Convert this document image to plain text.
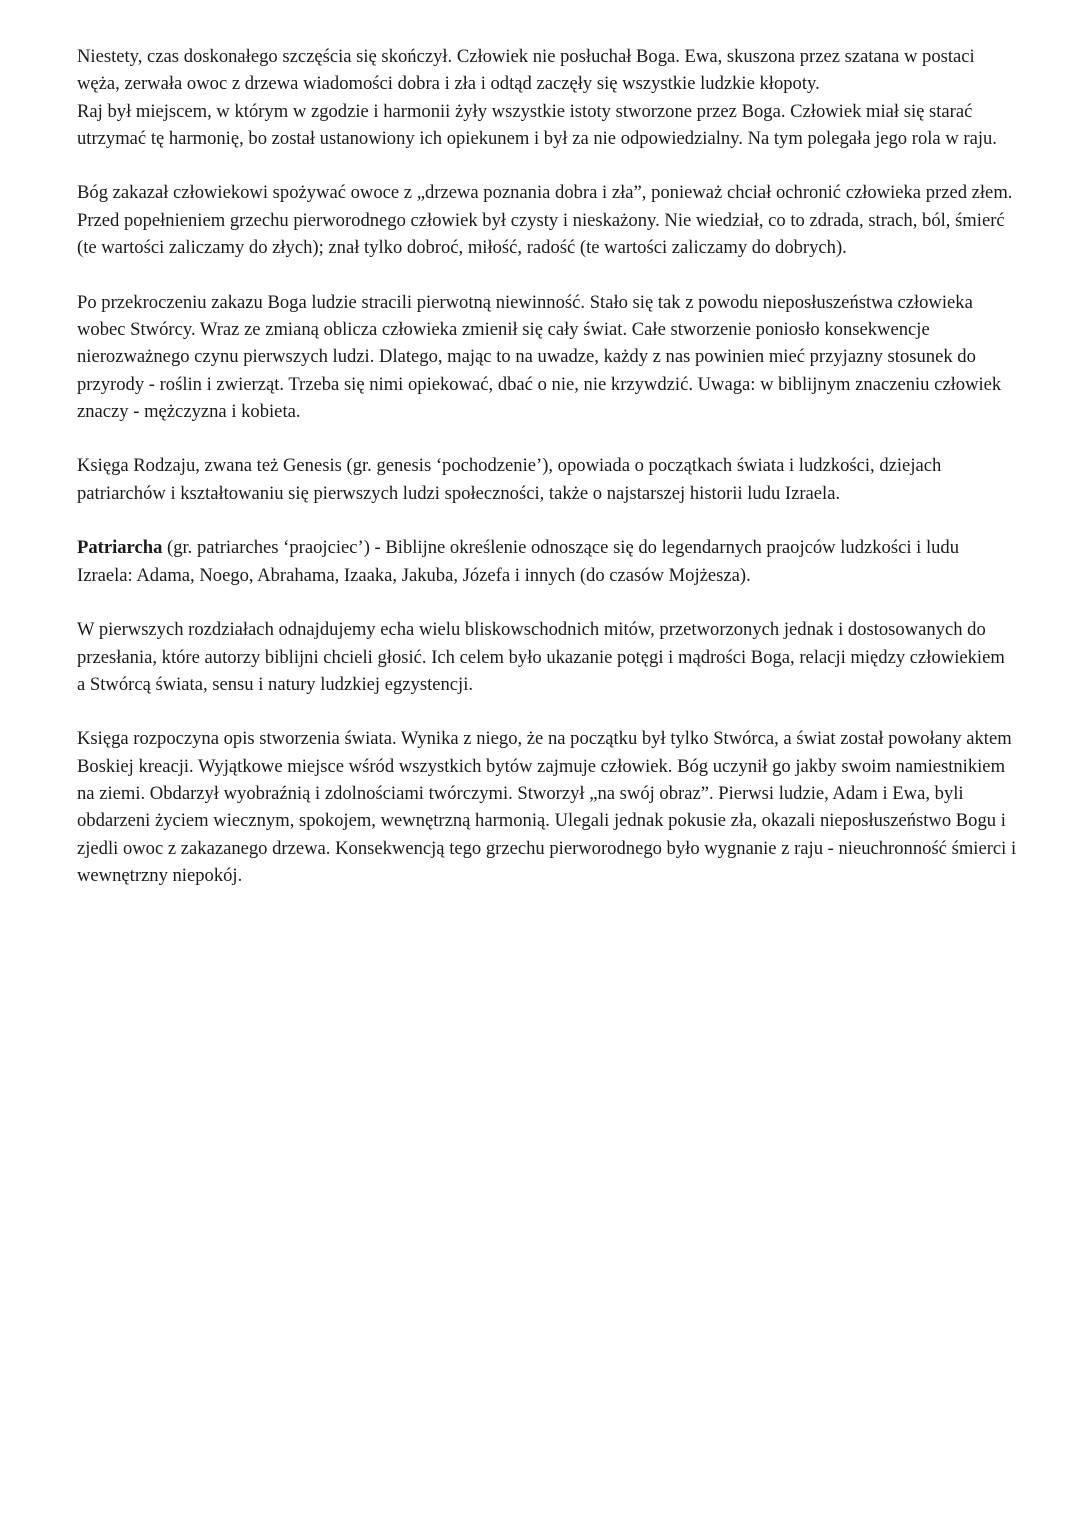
Niestety, czas doskonałego szczęścia się skończył. Człowiek nie posłuchał Boga. Ewa, skuszona przez szatana w postaci węża, zerwała owoc z drzewa wiadomości dobra i zła i odtąd zaczęły się wszystkie ludzkie kłopoty.

Raj był miejscem, w którym w zgodzie i harmonii żyły wszystkie istoty stworzone przez Boga. Człowiek miał się starać utrzymać tę harmonię, bo został ustanowiony ich opiekunem i był za nie odpowiedzialny. Na tym polegała jego rola w raju.

Bóg zakazał człowiekowi spożywać owoce z „drzewa poznania dobra i zła”, ponieważ chciał ochronić człowieka przed złem. Przed popełnieniem grzechu pierworodnego człowiek był czysty i nieskażony. Nie wiedział, co to zdrada, strach, ból, śmierć (te wartości zaliczamy do złych); znał tylko dobroć, miłość, radość (te wartości zaliczamy do dobrych).

Po przekroczeniu zakazu Boga ludzie stracili pierwotną niewinność. Stało się tak z powodu nieposłuszeństwa człowieka wobec Stwórcy. Wraz ze zmianą oblicza człowieka zmienił się cały świat. Całe stworzenie poniosło konsekwencje nierozważnego czynu pierwszych ludzi. Dlatego, mając to na uwadze, każdy z nas powinien mieć przyjazny stosunek do przyrody - roślin i zwierząt. Trzeba się nimi opiekować, dbać o nie, nie krzywdzić. Uwaga: w biblijnym znaczeniu człowiek znaczy - mężczyzna i kobieta.

Księga Rodzaju, zwana też Genesis (gr. genesis ‘pochodzenie’), opowiada o początkach świata i ludzkości, dziejach patriarchów i kształtowaniu się pierwszych ludzi społeczności, także o najstarszej historii ludu Izraela.

Patriarcha (gr. patriarches ‘praojciec’) - Biblijne określenie odnoszące się do legendarnych praojców ludzkości i ludu Izraela: Adama, Noego, Abrahama, Izaaka, Jakuba, Józefa i innych (do czasów Mojżesza).

W pierwszych rozdziałach odnajdujemy echa wielu bliskowschodnich mitów, przetworzonych jednak i dostosowanych do przesłania, które autorzy biblijni chcieli głosić. Ich celem było ukazanie potęgi i mądrości Boga, relacji między człowiekiem a Stwórcą świata, sensu i natury ludzkiej egzystencji.

Księga rozpoczyna opis stworzenia świata. Wynika z niego, że na początku był tylko Stwórca, a świat został powołany aktem Boskiej kreacji. Wyjątkowe miejsce wśród wszystkich bytów zajmuje człowiek. Bóg uczynił go jakby swoim namiestnikiem na ziemi. Obdarzył wyobraźnią i zdolnościami twórczymi. Stworzył „na swój obraz”. Pierwsi ludzie, Adam i Ewa, byli obdarzeni życiem wiecznym, spokojem, wewnętrzną harmonią. Ulegali jednak pokusie zła, okazali nieposłuszeństwo Bogu i zjedli owoc z zakazanego drzewa. Konsekwencją tego grzechu pierworodnego było wygnanie z raju - nieuchronność śmierci i wewnętrzny niepokój.
